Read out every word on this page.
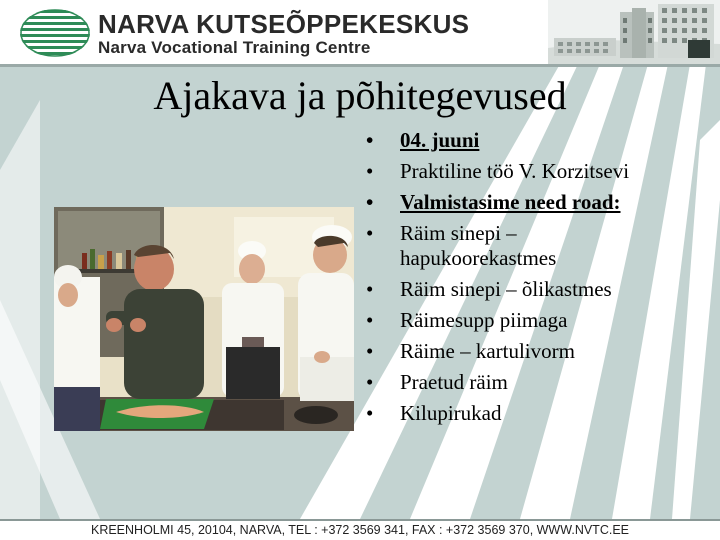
NARVA KUTSEÕPPEKESKUS

Narva Vocational Training Centre

Ajakava ja põhitegevused
• 04. juuni
• Praktiline töö V. Korzitsevi
• Valmistasime need road:
• Räim sinepi – hapukoorekastmes
• Räim sinepi – õlikastmes
• Räimesupp piimaga
• Räime – kartulivorm
• Praetud räim
• Kilupirukad

KREENHOLMI 45, 20104, NARVA, TEL : +372 3569 341, FAX : +372 3569 370, WWW.NVTC.EE
